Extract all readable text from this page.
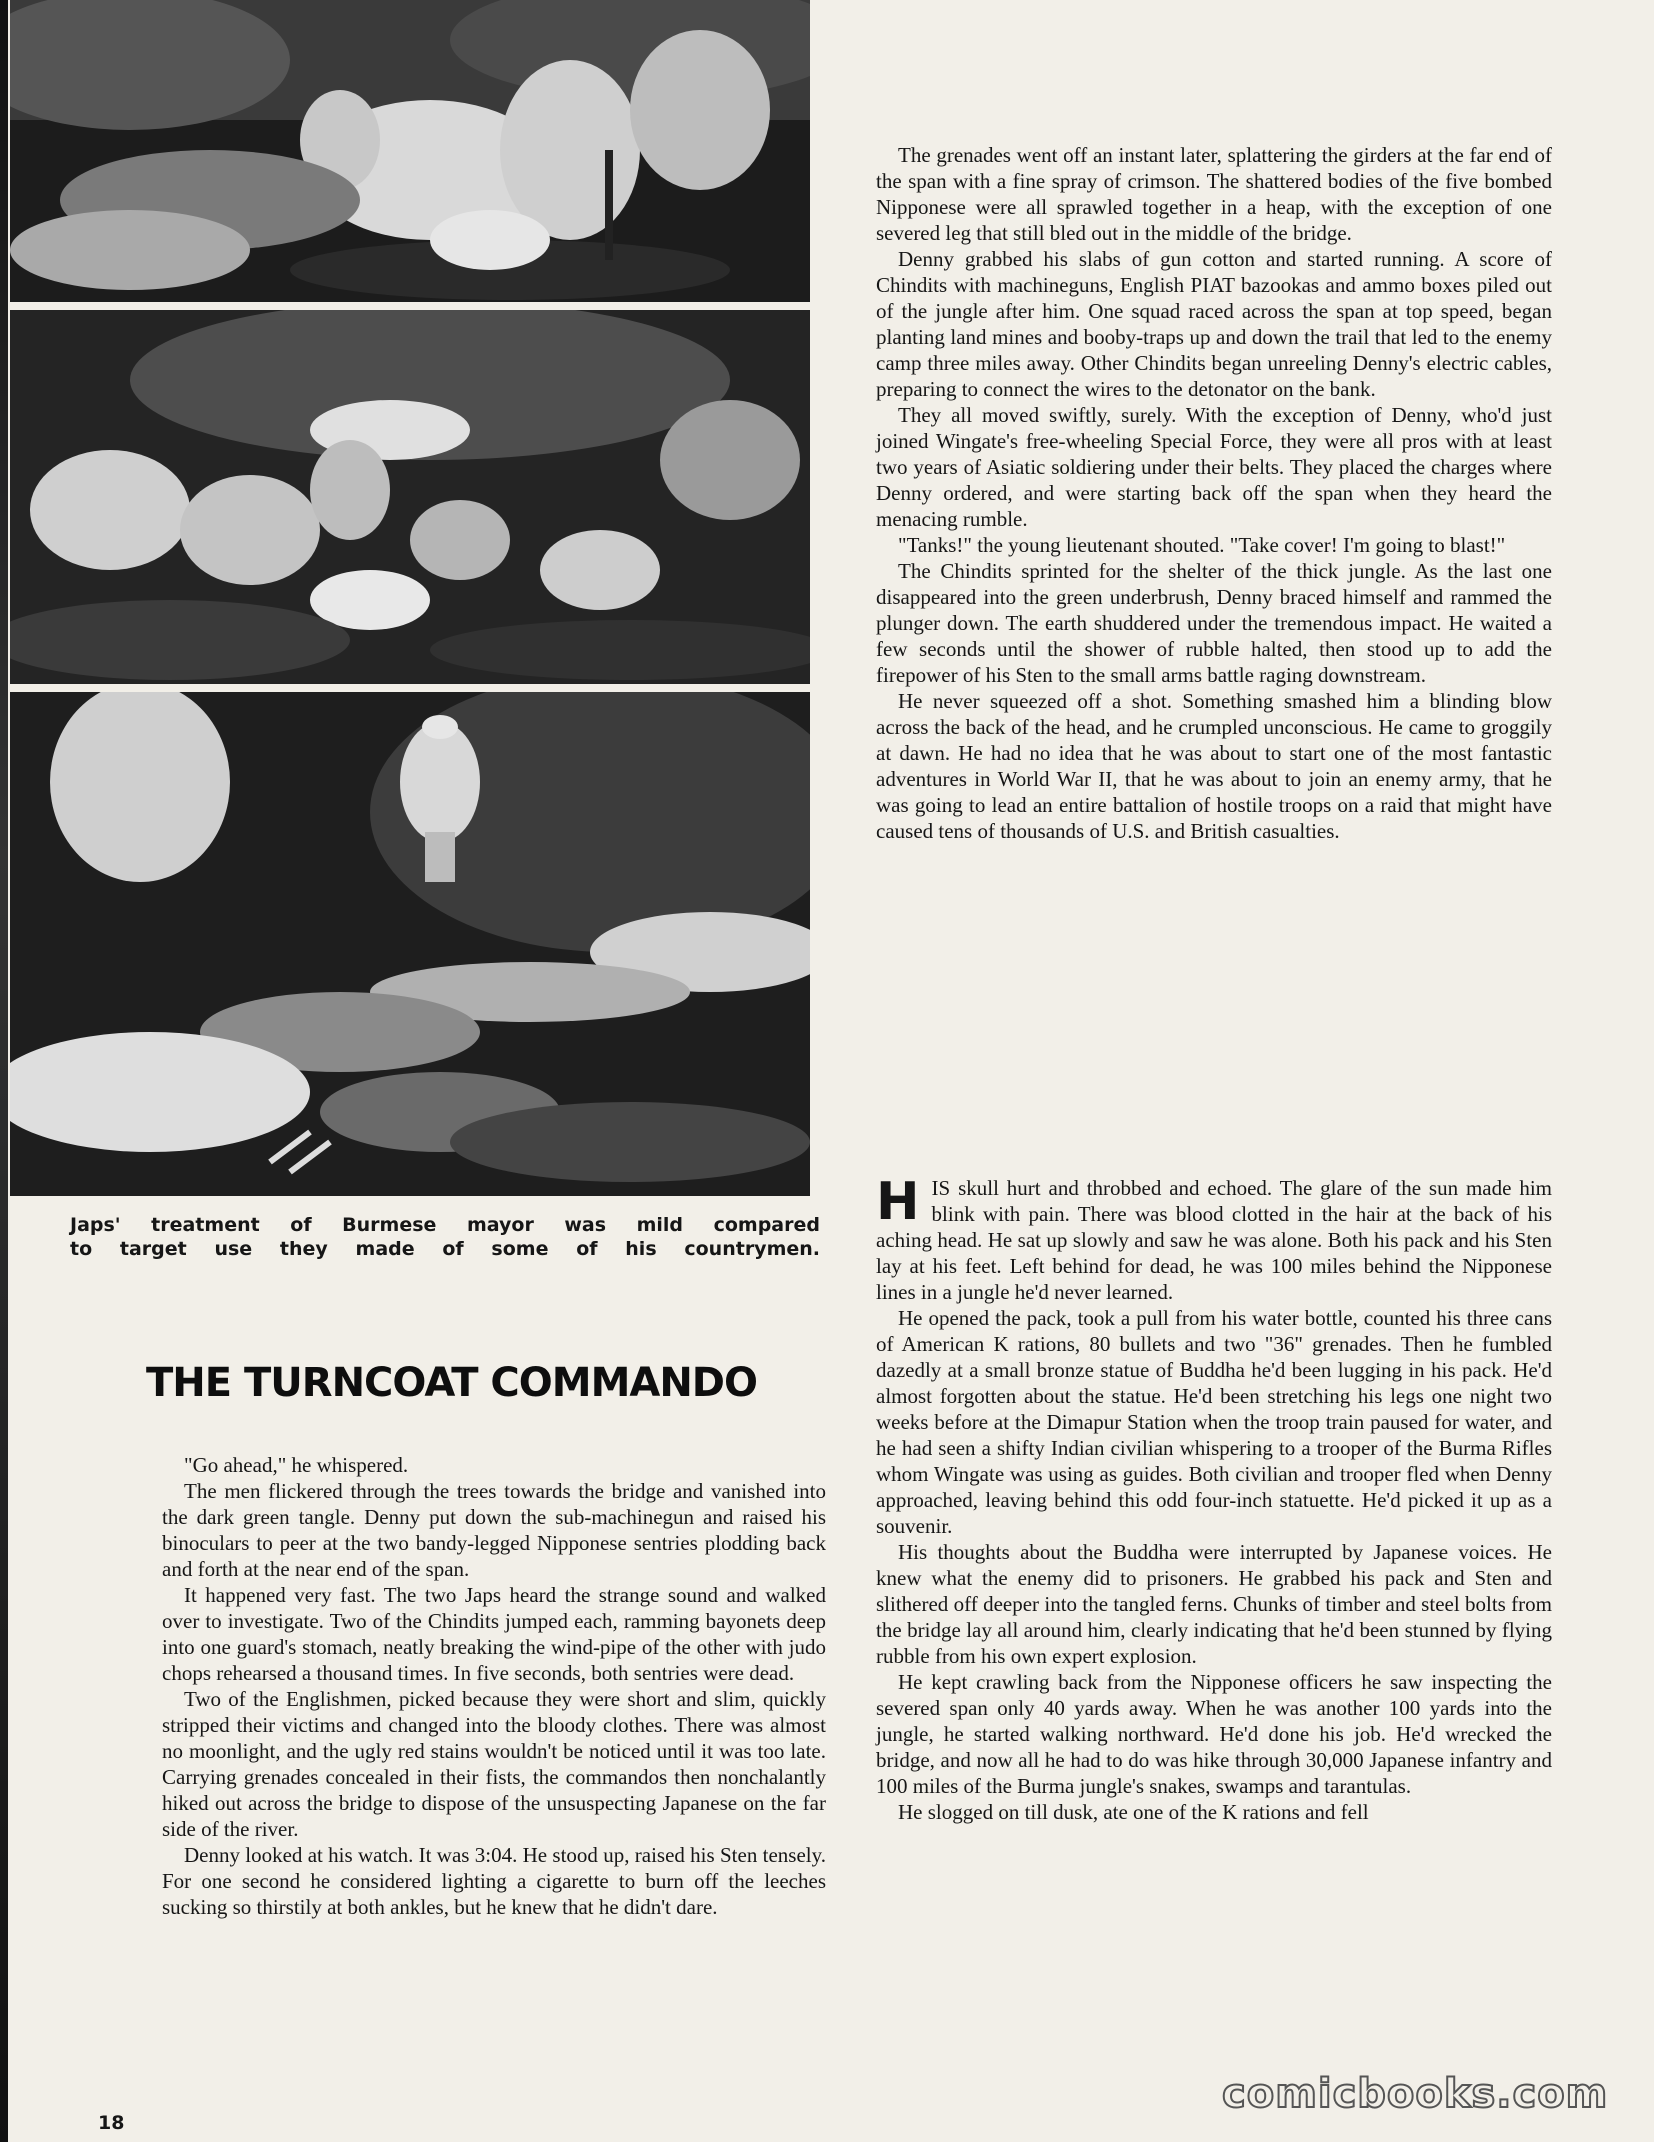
Japs' treatment of Burmese mayor was mild compared
to target use they made of some of his countrymen.
THE TURNCOAT COMMANDO

"Go ahead," he whispered.

The men flickered through the trees towards the bridge and vanished into the dark green tangle. Denny put down the sub-machinegun and raised his binoculars to peer at the two bandy-legged Nipponese sentries plodding back and forth at the near end of the span.

It happened very fast. The two Japs heard the strange sound and walked over to investigate. Two of the Chindits jumped each, ramming bayonets deep into one guard's stomach, neatly breaking the wind-pipe of the other with judo chops rehearsed a thousand times. In five seconds, both sentries were dead.

Two of the Englishmen, picked because they were short and slim, quickly stripped their victims and changed into the bloody clothes. There was almost no moonlight, and the ugly red stains wouldn't be noticed until it was too late. Carrying grenades concealed in their fists, the commandos then nonchalantly hiked out across the bridge to dispose of the unsuspecting Japanese on the far side of the river.

Denny looked at his watch. It was 3:04. He stood up, raised his Sten tensely. For one second he considered lighting a cigarette to burn off the leeches sucking so thirstily at both ankles, but he knew that he didn't dare.

The grenades went off an instant later, splattering the girders at the far end of the span with a fine spray of crimson. The shattered bodies of the five bombed Nipponese were all sprawled together in a heap, with the exception of one severed leg that still bled out in the middle of the bridge.

Denny grabbed his slabs of gun cotton and started running. A score of Chindits with machineguns, English PIAT bazookas and ammo boxes piled out of the jungle after him. One squad raced across the span at top speed, began planting land mines and booby-traps up and down the trail that led to the enemy camp three miles away. Other Chindits began unreeling Denny's electric cables, preparing to connect the wires to the detonator on the bank.

They all moved swiftly, surely. With the exception of Denny, who'd just joined Wingate's free-wheeling Special Force, they were all pros with at least two years of Asiatic soldiering under their belts. They placed the charges where Denny ordered, and were starting back off the span when they heard the menacing rumble.

"Tanks!" the young lieutenant shouted. "Take cover! I'm going to blast!"

The Chindits sprinted for the shelter of the thick jungle. As the last one disappeared into the green underbrush, Denny braced himself and rammed the plunger down. The earth shuddered under the tremendous impact. He waited a few seconds until the shower of rubble halted, then stood up to add the firepower of his Sten to the small arms battle raging downstream.

He never squeezed off a shot. Something smashed him a blinding blow across the back of the head, and he crumpled unconscious. He came to groggily at dawn. He had no idea that he was about to start one of the most fantastic adventures in World War II, that he was about to join an enemy army, that he was going to lead an entire battalion of hostile troops on a raid that might have caused tens of thousands of U.S. and British casualties.

HIS skull hurt and throbbed and echoed. The glare of the sun made him blink with pain. There was blood clotted in the hair at the back of his aching head. He sat up slowly and saw he was alone. Both his pack and his Sten lay at his feet. Left behind for dead, he was 100 miles behind the Nipponese lines in a jungle he'd never learned.

He opened the pack, took a pull from his water bottle, counted his three cans of American K rations, 80 bullets and two "36" grenades. Then he fumbled dazedly at a small bronze statue of Buddha he'd been lugging in his pack. He'd almost forgotten about the statue. He'd been stretching his legs one night two weeks before at the Dimapur Station when the troop train paused for water, and he had seen a shifty Indian civilian whispering to a trooper of the Burma Rifles whom Wingate was using as guides. Both civilian and trooper fled when Denny approached, leaving behind this odd four-inch statuette. He'd picked it up as a souvenir.

His thoughts about the Buddha were interrupted by Japanese voices. He knew what the enemy did to prisoners. He grabbed his pack and Sten and slithered off deeper into the tangled ferns. Chunks of timber and steel bolts from the bridge lay all around him, clearly indicating that he'd been stunned by flying rubble from his own expert explosion.

He kept crawling back from the Nipponese officers he saw inspecting the severed span only 40 yards away. When he was another 100 yards into the jungle, he started walking northward. He'd done his job. He'd wrecked the bridge, and now all he had to do was hike through 30,000 Japanese infantry and 100 miles of the Burma jungle's snakes, swamps and tarantulas.

He slogged on till dusk, ate one of the K rations and fell

18
comicbooks.com
